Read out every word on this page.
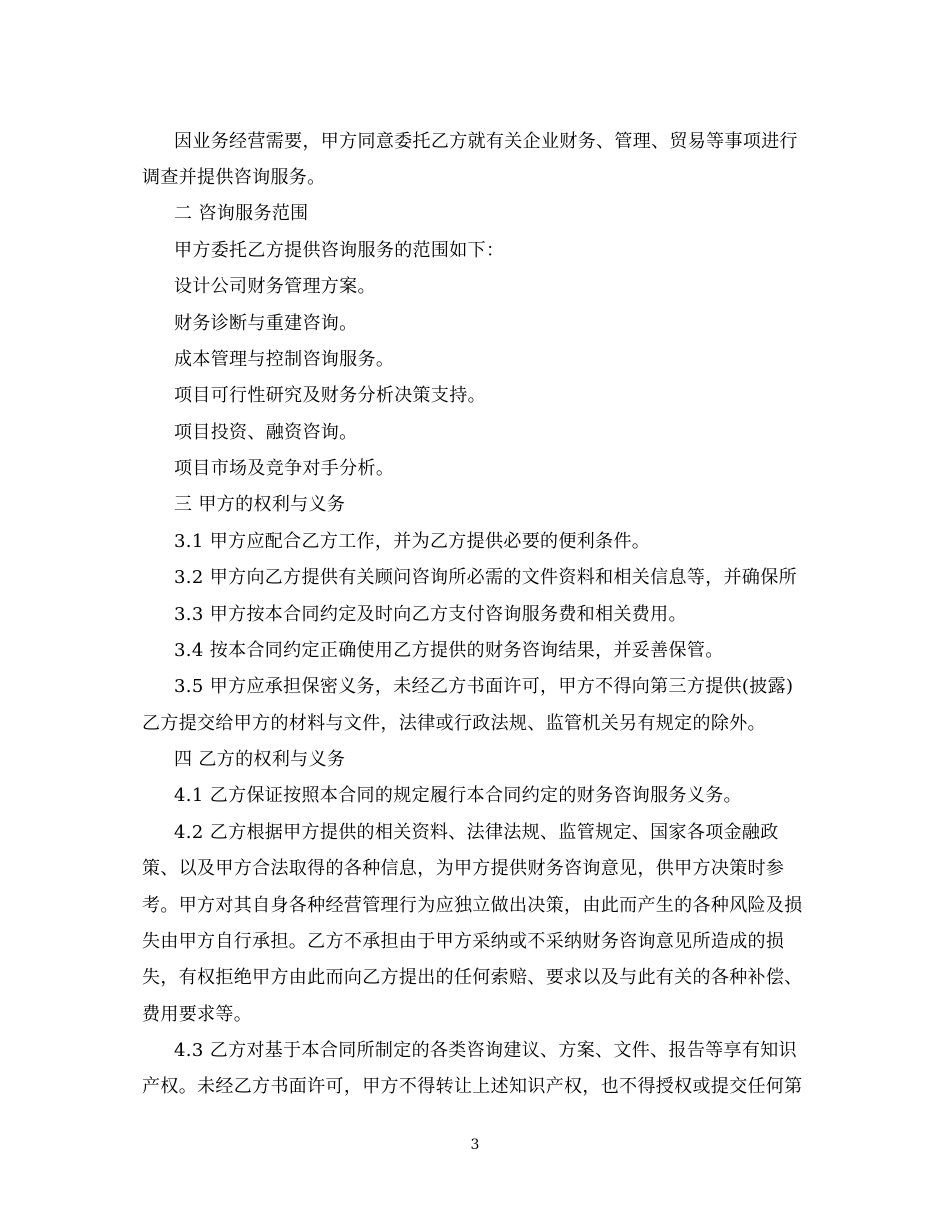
因业务经营需要，甲方同意委托乙方就有关企业财务、管理、贸易等事项进行
调查并提供咨询服务。
二 咨询服务范围
甲方委托乙方提供咨询服务的范围如下：
设计公司财务管理方案。
财务诊断与重建咨询。
成本管理与控制咨询服务。
项目可行性研究及财务分析决策支持。
项目投资、融资咨询。
项目市场及竞争对手分析。
三 甲方的权利与义务
3.1 甲方应配合乙方工作，并为乙方提供必要的便利条件。
3.2 甲方向乙方提供有关顾问咨询所必需的文件资料和相关信息等，并确保所
3.3 甲方按本合同约定及时向乙方支付咨询服务费和相关费用。
3.4 按本合同约定正确使用乙方提供的财务咨询结果，并妥善保管。
3.5 甲方应承担保密义务，未经乙方书面许可，甲方不得向第三方提供(披露)
乙方提交给甲方的材料与文件，法律或行政法规、监管机关另有规定的除外。
四 乙方的权利与义务
4.1 乙方保证按照本合同的规定履行本合同约定的财务咨询服务义务。
4.2 乙方根据甲方提供的相关资料、法律法规、监管规定、国家各项金融政
策、以及甲方合法取得的各种信息，为甲方提供财务咨询意见，供甲方决策时参
考。甲方对其自身各种经营管理行为应独立做出决策，由此而产生的各种风险及损
失由甲方自行承担。乙方不承担由于甲方采纳或不采纳财务咨询意见所造成的损
失，有权拒绝甲方由此而向乙方提出的任何索赔、要求以及与此有关的各种补偿、
费用要求等。
4.3 乙方对基于本合同所制定的各类咨询建议、方案、文件、报告等享有知识
产权。未经乙方书面许可，甲方不得转让上述知识产权，也不得授权或提交任何第
3
